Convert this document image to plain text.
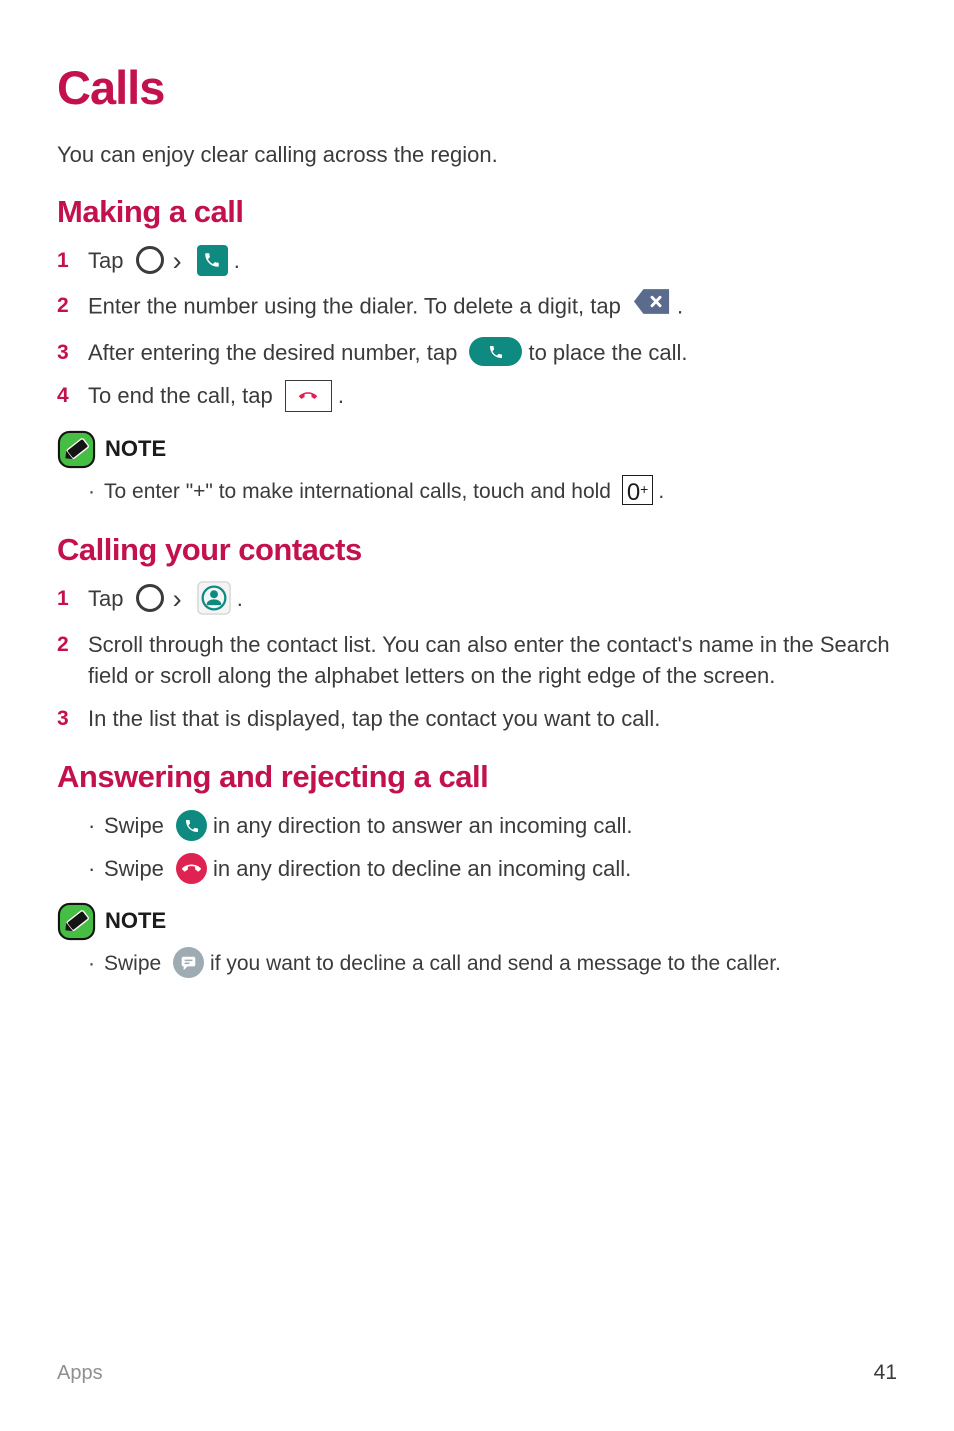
Calls

You can enjoy clear calling across the region.

Making a call
1 Tap › .
2 Enter the number using the dialer. To delete a digit, tap	.
3 After entering the desired number, tap	to place the call.
4 To end the call, tap	.
NOTE
· To enter "+" to make international calls, touch and hold 0+ .
Calling your contacts
1 Tap ›	.
2 Scroll through the contact list. You can also enter the contact's name in the Search field or scroll along the alphabet letters on the right edge of the screen.
3 In the list that is displayed, tap the contact you want to call.
Answering and rejecting a call
· Swipe in any direction to answer an incoming call.
· Swipe in any direction to decline an incoming call.
NOTE
· Swipe if you want to decline a call and send a message to the caller.
Apps	41
